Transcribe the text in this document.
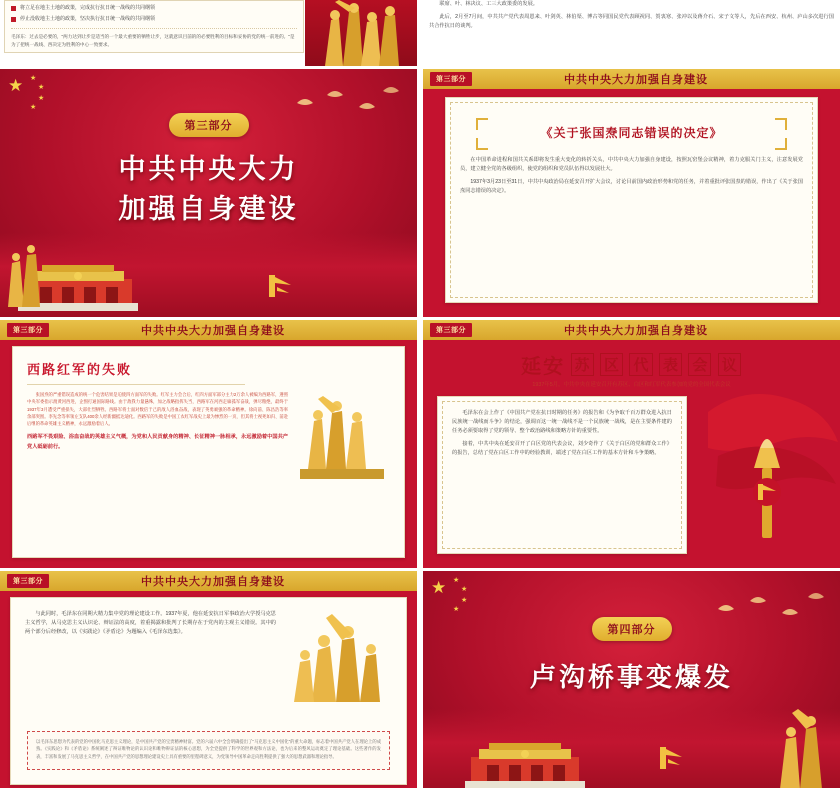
将立足在地主土地的政策，完成抗行抗日统一战线的共同纲领
停止没收地主土地的政策，坚决执行抗日统一战线的共同纲领
毛泽东：过去是必要的，"两力达到让步是适当的一个最大重要的牺牲让步，这就意识目前的的必要胜利的目标和妥协的党的统一前进的。"是为了把统一战线、西决定为胜利的中心一致要求。

联席、叶、林决议、工三大政策委的发展。

此后，2月至7月间，中共共产党代表周恩来、叶剑英、林伯渠、博古等同国民党代表顾祝同、贺衷寒、张冲以及蒋介石、宋子文等人，先后在西安、杭州、庐山多次进行国共合作抗日的谈判。

★ ★
★
★
★
第三部分
中共中央大力
加强自身建设
第三部分	中共中央大力加强自身建设
《关于张国焘同志错误的决定》

在中国革命进程和国共关系即将发生重大变化的转折关头，中共中央大力加强自身建设，按照瓦窑堡会议精神，着力克服关门主义，注意发展党员，建立健全党的各级组织，使党的组织和党员队伍得以发展壮大。

1937年3月23日至31日，中共中央政治局在延安召开扩大会议，讨论目前国内政治形势和党的任务，并着重批评张国焘的错误，作出了《关于张国焘同志错误的决定》。

第三部分	中共中央大力加强自身建设
西路红军的失败

张国焘的严重错误造成的统一个危害结果是迫使四方面军的失败。红军主力会合后，红四方面军部分主力2万余人被编为西路军，遵照中央军委指示渡黄河西进，企图打通国际路线。由于敌我力量悬殊，加之战略指挥失当，西路军在河西走廊孤军奋战，弹尽粮绝，最终于1937年3月遭受严重损失，大部壮烈牺牲。西路军将士面对数倍于己的敌人浴血奋战，表现了英勇顽强的革命精神。徐向前、陈昌浩等率余部突围。李先念等率领左支队400余人经新疆抵达迪化。西路军的失败是中国工农红军战史上最为惨烈的一页，但其将士视死如归、前赴后继的革命英雄主义精神，永远激励着后人。

西路军不畏艰险、浴血奋战的英雄主义气概，为党和人民贡献身的精神、长征精神一脉相承，永远激励着中国共产党人砥砺前行。

第三部分	中共中央大力加强自身建设
延安 苏 区 代 表 会 议
1937年5月，中共中央在延安召开有苏区、白区和红军代表参加的党的全国代表会议

毛泽东在会上作了《中国共产党在抗日时期的任务》的报告和《为争取千百万群众进入抗日民族统一战线而斗争》的结论，强调百这一统一战线不是一个民族统一战线，是在主要条件建的任务必须要取得了党的领导、整个政治路线和策略方针的重要性。

接着，中共中央在延安召开了白区党的代表会议，刘少奇作了《关于白区的党和群众工作》的报告，总结了党在白区工作中的经验教训，端述了党在白区工作的基本方针和斗争策略。

第三部分	中共中央大力加强自身建设

与此同时，毛泽东在同期大精力集中党的理论建设工作。1937年夏，他在延安抗日军事政治大学授马克思主义哲学，从马克思主义认识论、辩证法的高度，着重揭露和批判了长期存在于党内的主观主义错误。其中的两个部分后经修改，以《实践论》《矛盾论》为题编入《毛泽东选集》。

以毛泽东思想为代表的党的中国化马克思主义理论，是中国共产党的宝贵精神财富。党的六届六中全会明确提出了"马克思主义中国化"的重大命题，标志着中国共产党人在理论上的成熟。《实践论》和《矛盾论》系统阐述了辩证唯物论的认识论和唯物辩证法的核心思想，为全党提供了科学的世界观和方法论，也为后来的整风运动奠定了理论基础。这些著作的发表，丰富和发展了马克思主义哲学，在中国共产党的思想理论建设史上具有重要的里程碑意义，为党领导中国革命走向胜利提供了强大的思想武器和理论指导。

★ ★
★
★
★
第四部分
卢沟桥事变爆发
